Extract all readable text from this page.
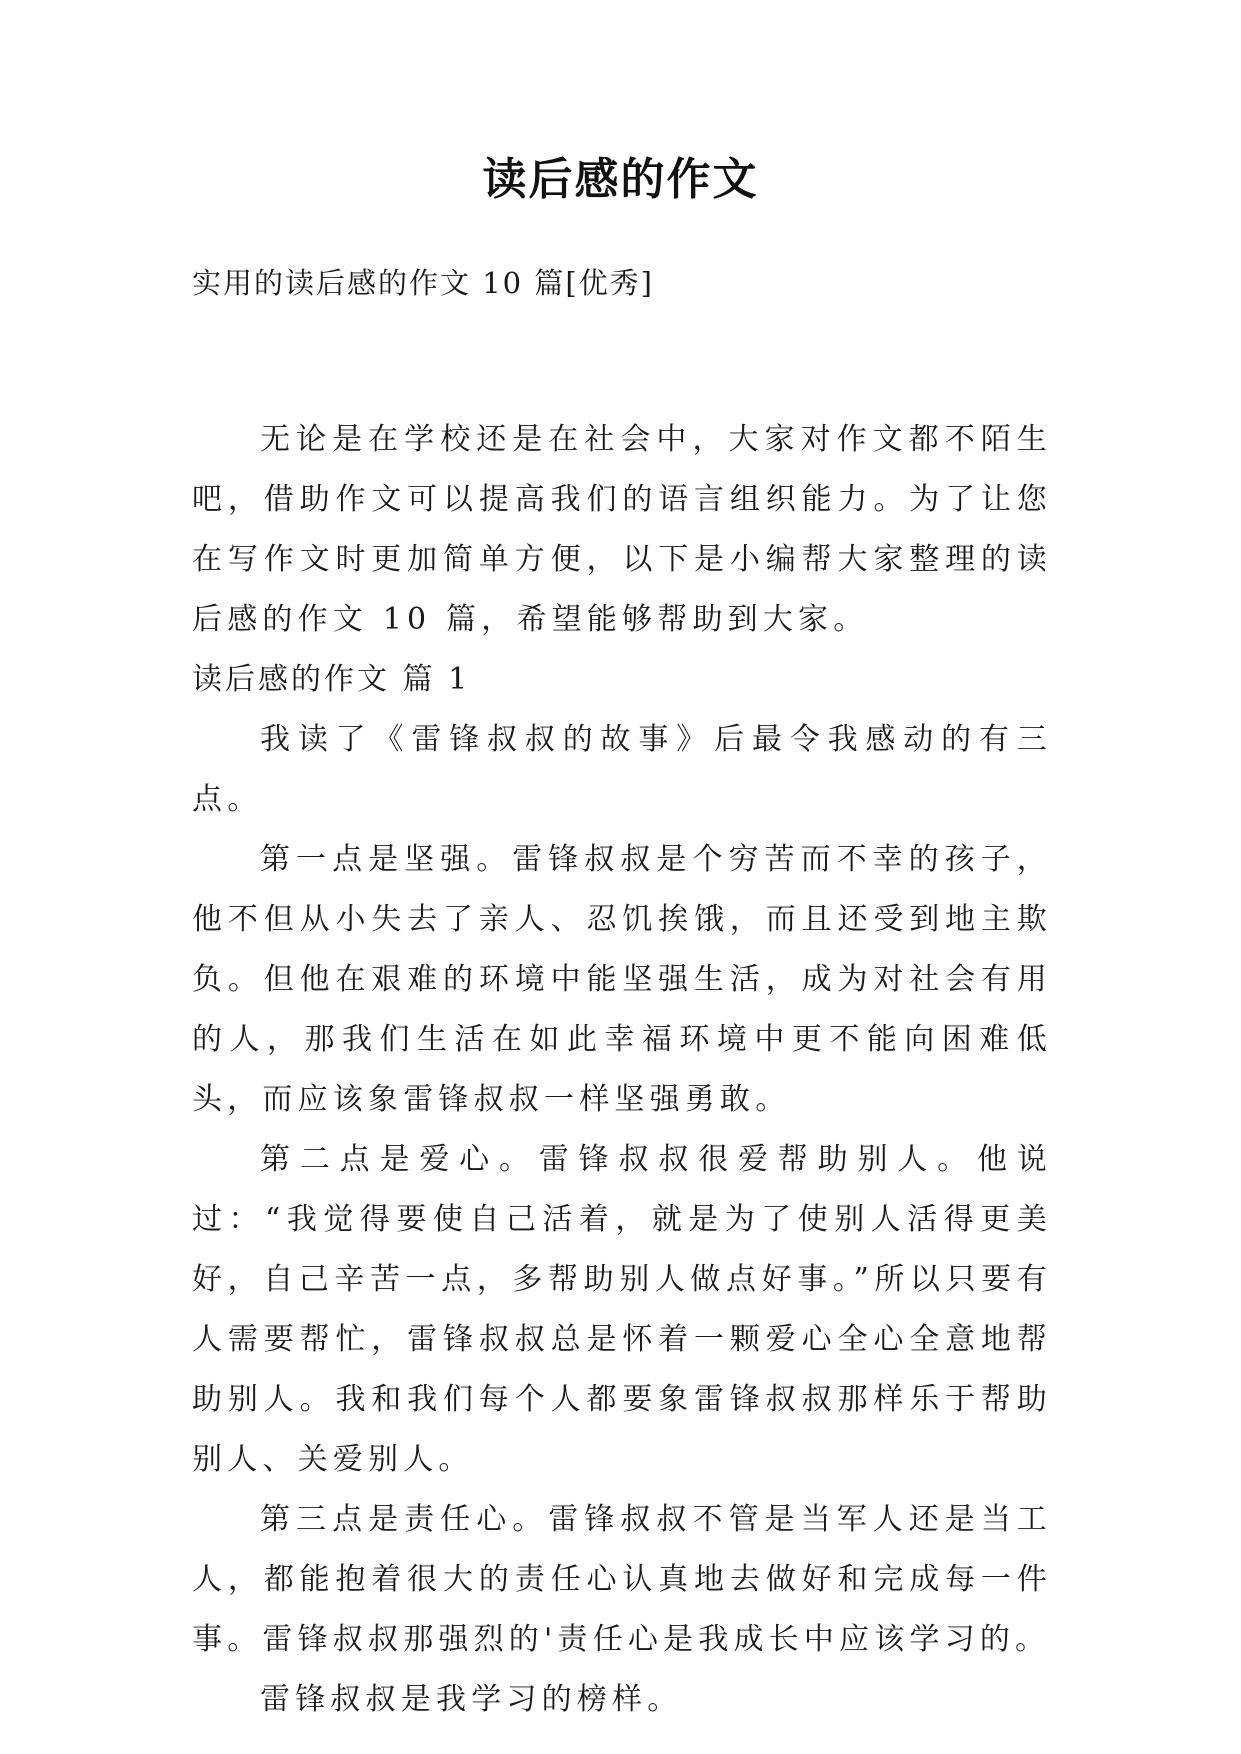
读后感的作文

实用的读后感的作文 10 篇[优秀]

无论是在学校还是在社会中，大家对作文都不陌生吧，借助作文可以提高我们的语言组织能力。为了让您在写作文时更加简单方便，以下是小编帮大家整理的读后感的作文 10 篇，希望能够帮助到大家。

读后感的作文 篇 1

我读了《雷锋叔叔的故事》后最令我感动的有三点。

第一点是坚强。雷锋叔叔是个穷苦而不幸的孩子，他不但从小失去了亲人、忍饥挨饿，而且还受到地主欺负。但他在艰难的环境中能坚强生活，成为对社会有用的人，那我们生活在如此幸福环境中更不能向困难低头，而应该象雷锋叔叔一样坚强勇敢。

第二点是爱心。雷锋叔叔很爱帮助别人。他说过：“我觉得要使自己活着，就是为了使别人活得更美好，自己辛苦一点，多帮助别人做点好事。”所以只要有人需要帮忙，雷锋叔叔总是怀着一颗爱心全心全意地帮助别人。我和我们每个人都要象雷锋叔叔那样乐于帮助别人、关爱别人。

第三点是责任心。雷锋叔叔不管是当军人还是当工人，都能抱着很大的责任心认真地去做好和完成每一件事。雷锋叔叔那强烈的'责任心是我成长中应该学习的。

雷锋叔叔是我学习的榜样。
